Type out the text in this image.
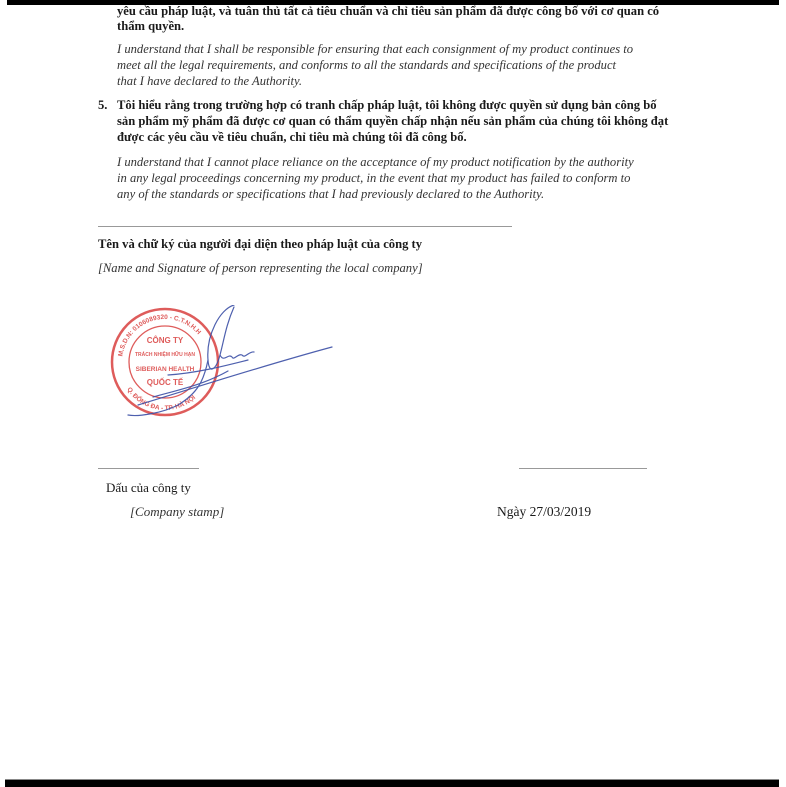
yêu cầu pháp luật, và tuân thủ tất cả tiêu chuẩn và chỉ tiêu sản phẩm đã được công bố với cơ quan có
thẩm quyền.
I understand that I shall be responsible for ensuring that each consignment of my product continues to
meet all the legal requirements, and conforms to all the standards and specifications of the product
that I have declared to the Authority.
5. Tôi hiểu rằng trong trường hợp có tranh chấp pháp luật, tôi không được quyền sử dụng bản công bố
sản phẩm mỹ phẩm đã được cơ quan có thẩm quyền chấp nhận nếu sản phẩm của chúng tôi không đạt
được các yêu cầu về tiêu chuẩn, chỉ tiêu mà chúng tôi đã công bố.
I understand that I cannot place reliance on the acceptance of my product notification by the authority
in any legal proceedings concerning my product, in the event that my product has failed to conform to
any of the standards or specifications that I had previously declared to the Authority.
Tên và chữ ký của người đại diện theo pháp luật của công ty
[Name and Signature of person representing the local company]
M.S.D.N: 0106089320 - C.T.N.H.H
Q. ĐỐNG ĐA - TP. HÀ NỘI
CÔNG TY
TRÁCH NHIỆM HỮU HẠN
SIBERIAN HEALTH
QUỐC TẾ
Dấu của công ty
[Company stamp]	Ngày 27/03/2019
